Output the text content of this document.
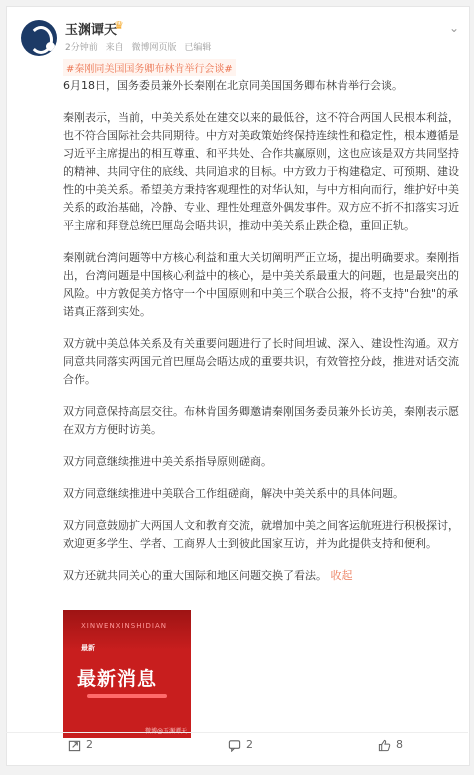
玉渊谭天
♛
2分钟前 来自 微博网页版 已编辑
⌄
#秦刚同美国国务卿布林肯举行会谈#

6月18日，国务委员兼外长秦刚在北京同美国国务卿布林肯举行会谈。

秦刚表示，当前，中美关系处在建交以来的最低谷，这不符合两国人民根本利益，也不符合国际社会共同期待。中方对美政策始终保持连续性和稳定性，根本遵循是习近平主席提出的相互尊重、和平共处、合作共赢原则，这也应该是双方共同坚持的精神、共同守住的底线、共同追求的目标。中方致力于构建稳定、可预期、建设性的中美关系。希望美方秉持客观理性的对华认知，与中方相向而行，维护好中美关系的政治基础，冷静、专业、理性处理意外偶发事件。双方应不折不扣落实习近平主席和拜登总统巴厘岛会晤共识，推动中美关系止跌企稳，重回正轨。

秦刚就台湾问题等中方核心利益和重大关切阐明严正立场，提出明确要求。秦刚指出，台湾问题是中国核心利益中的核心，是中美关系最重大的问题，也是最突出的风险。中方敦促美方恪守一个中国原则和中美三个联合公报，将不支持"台独"的承诺真正落到实处。

双方就中美总体关系及有关重要问题进行了长时间坦诚、深入、建设性沟通。双方同意共同落实两国元首巴厘岛会晤达成的重要共识，有效管控分歧，推进对话交流合作。

双方同意保持高层交往。布林肯国务卿邀请秦刚国务委员兼外长访美，秦刚表示愿在双方方便时访美。

双方同意继续推进中美关系指导原则磋商。

双方同意继续推进中美联合工作组磋商，解决中美关系中的具体问题。

双方同意鼓励扩大两国人文和教育交流，就增加中美之间客运航班进行积极探讨，欢迎更多学生、学者、工商界人士到彼此国家互访，并为此提供支持和便利。

双方还就共同关心的重大国际和地区问题交换了看法。 收起

XINWENXINSHIDIAN
最新
最新消息
微博@玉渊谭天
2	2	8
